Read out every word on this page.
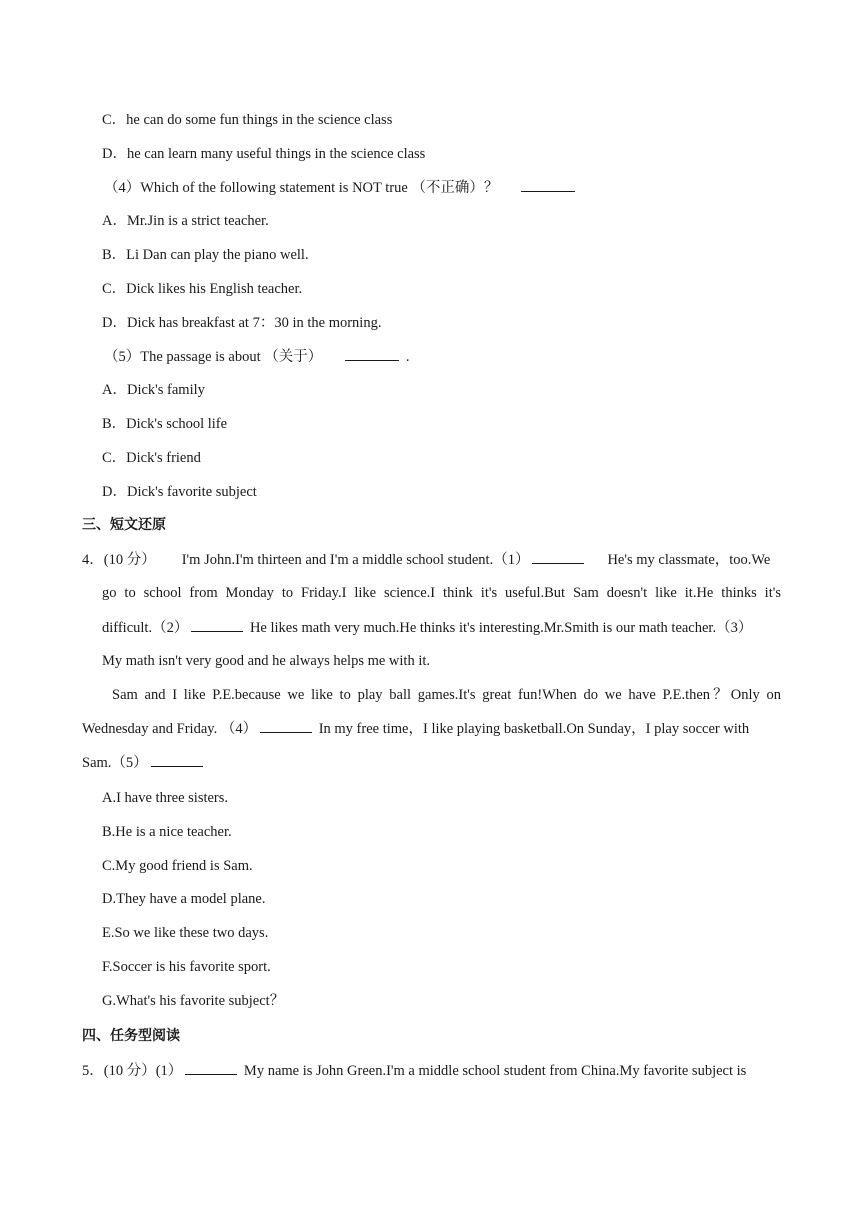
C．he can do some fun things in the science class
D．he can learn many useful things in the science class
（4）Which of the following statement is NOT true （不正确）？
A．Mr.Jin is a strict teacher.
B．Li Dan can play the piano well.
C．Dick likes his English teacher.
D．Dick has breakfast at 7：30 in the morning.
（5）The passage is about （关于）	.
A．Dick's family
B．Dick's school life
C．Dick's friend
D．Dick's favorite subject
三、短文还原
4．(10 分） I'm John.I'm thirteen and I'm a middle school student.（1）	He's my classmate，too.We
go to school from Monday to Friday.I like science.I think it's useful.But Sam doesn't like it.He thinks it's
difficult.（2）	He likes math very much.He thinks it's interesting.Mr.Smith is our math teacher.（3）
My math isn't very good and he always helps me with it.
Sam and I like P.E.because we like to play ball games.It's great fun!When do we have P.E.then？Only on
Wednesday and Friday. （4）	In my free time，I like playing basketball.On Sunday，I play soccer with
Sam.（5）
A.I have three sisters.
B.He is a nice teacher.
C.My good friend is Sam.
D.They have a model plane.
E.So we like these two days.
F.Soccer is his favorite sport.
G.What's his favorite subject？
四、任务型阅读
5．(10 分）(1）	My name is John Green.I'm a middle school student from China.My favorite subject is
